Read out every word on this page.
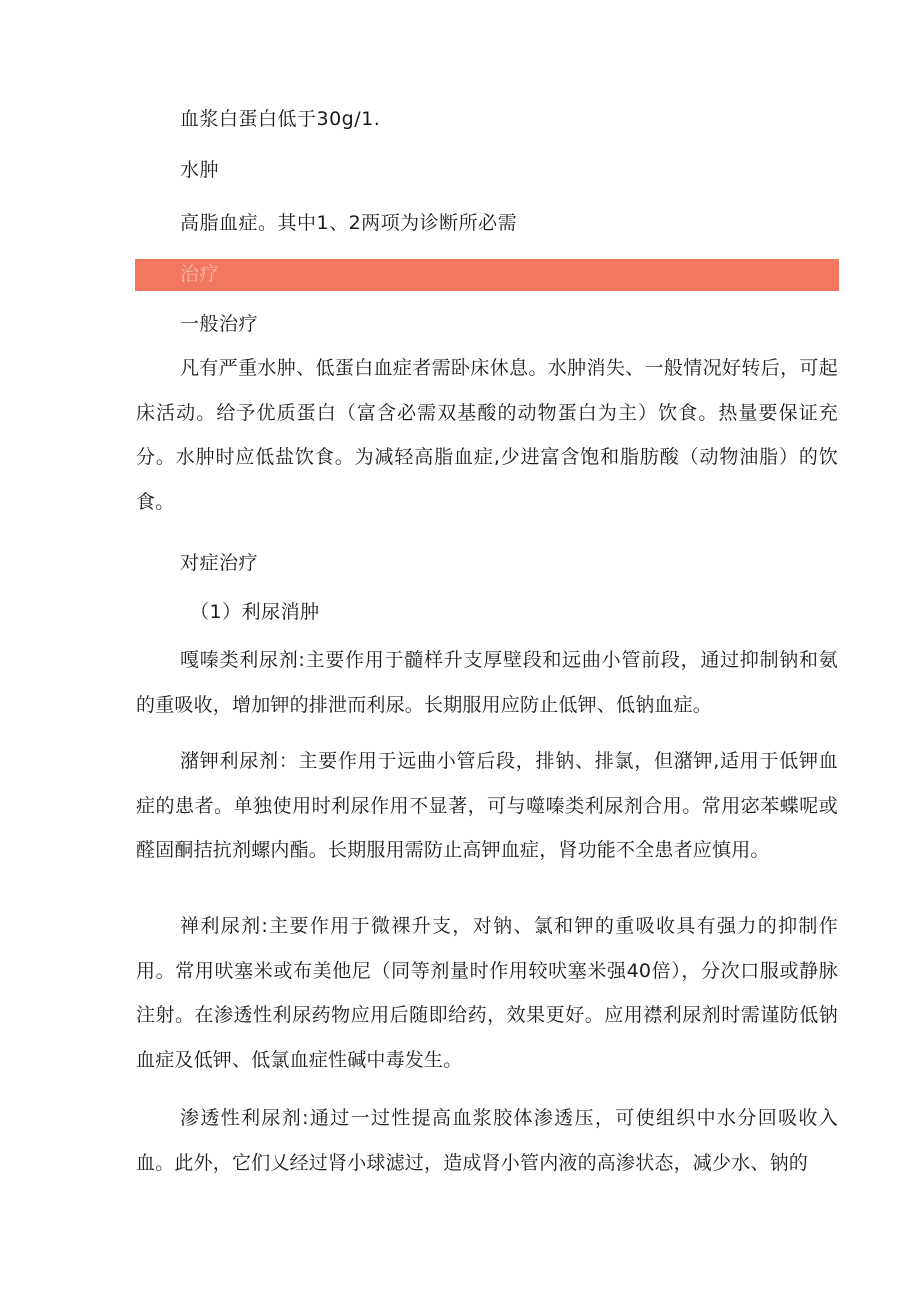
血浆白蛋白低于30g/1.
水肿
高脂血症。其中1、2两项为诊断所必需
治疗
一般治疗
凡有严重水肿、低蛋白血症者需卧床休息。水肿消失、一般情况好转后，可起床活动。给予优质蛋白（富含必需双基酸的动物蛋白为主）饮食。热量要保证充分。水肿时应低盐饮食。为减轻高脂血症,少进富含饱和脂肪酸（动物油脂）的饮食。
对症治疗
（1）利尿消肿
嘎嗪类利尿剂:主要作用于髓样升支厚壁段和远曲小管前段，通过抑制钠和氨的重吸收，增加钾的排泄而利尿。长期服用应防止低钾、低钠血症。
潴钾利尿剂：主要作用于远曲小管后段，排钠、排氯，但潴钾,适用于低钾血症的患者。单独使用时利尿作用不显著，可与噬嗪类利尿剂合用。常用宓苯蝶呢或醛固酮拮抗剂螺内酯。长期服用需防止高钾血症，肾功能不全患者应慎用。
禅利尿剂:主要作用于微裸升支，对钠、氯和钾的重吸收具有强力的抑制作用。常用吠塞米或布美他尼（同等剂量时作用较吠塞米强40倍），分次口服或静脉注射。在渗透性利尿药物应用后随即给药，效果更好。应用襟利尿剂时需谨防低钠血症及低钾、低氯血症性碱中毒发生。
渗透性利尿剂:通过一过性提高血浆胶体渗透压，可使组织中水分回吸收入血。此外，它们乂经过肾小球滤过，造成肾小管内液的高渗状态，减少水、钠的
